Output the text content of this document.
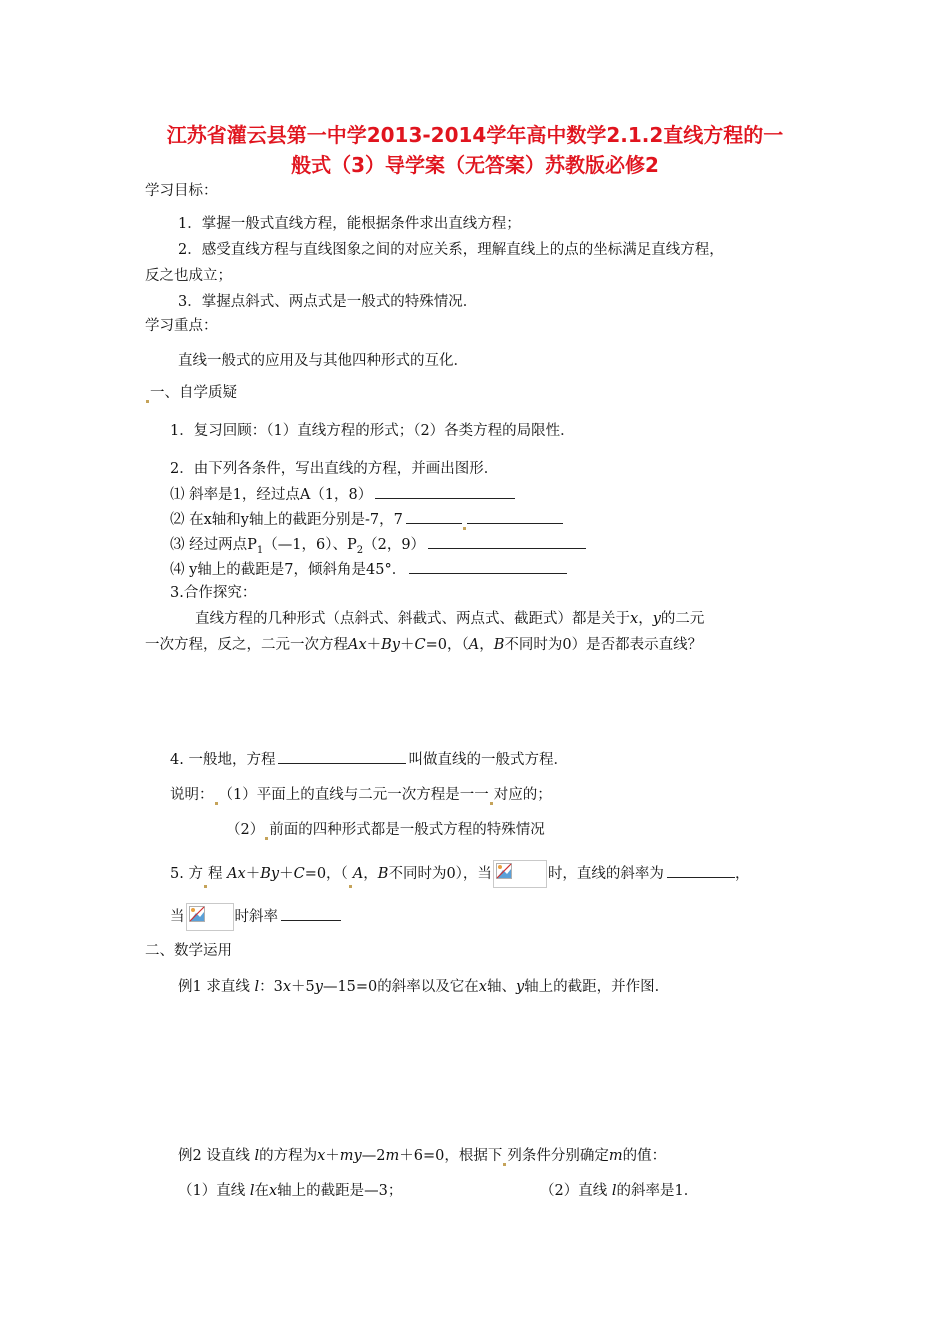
江苏省灌云县第一中学2013-2014学年高中数学2.1.2直线方程的一
般式（3）导学案（无答案）苏教版必修2
学习目标：
1．掌握一般式直线方程，能根据条件求出直线方程；
2．感受直线方程与直线图象之间的对应关系，理解直线上的点的坐标满足直线方程，
反之也成立；
3．掌握点斜式、两点式是一般式的特殊情况．
学习重点：
直线一般式的应用及与其他四种形式的互化．
一、自学质疑
1．复习回顾：（1）直线方程的形式；（2）各类方程的局限性．
2．由下列各条件，写出直线的方程，并画出图形．
⑴ 斜率是1，经过点A（1，8）
⑵ 在x轴和y轴上的截距分别是-7，7
⑶ 经过两点$P_1(—1$，6）、$P_2(2$，9）
⑷ y轴上的截距是7，倾斜角是45°．
3.合作探究：
直线方程的几种形式（点斜式、斜截式、两点式、截距式）都是关于x，y的二元
一次方程，反之，二元一次方程Ax＋By＋C=0，（A，B不同时为0）是否都表示直线？
4. 一般地，方程	叫做直线的一般式方程．
说明： （1）平面上的直线与二元一次方程是一一 对应的；
（2） 前面的四种形式都是一般式方程的特殊情况
5. 方 程 Ax＋By＋C=0，（ A，B不同时为0），当	时，直线的斜率为	，
当	时斜率
二、数学运用
例1 求直线 l：3x＋5y—15=0的斜率以及它在x轴、y轴上的截距，并作图．
例2 设直线 l的方程为x＋my—2m＋6=0，根据下 列条件分别确定m的值：
（1）直线 l在x轴上的截距是—3；	（2）直线 l的斜率是1．
